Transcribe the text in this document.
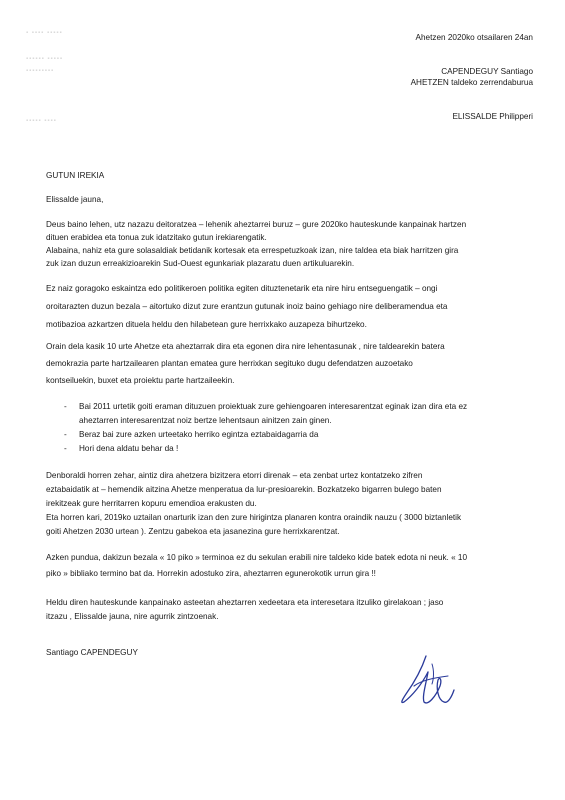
▪ ▪▪▪▪ ▪▪▪▪▪
▪▪▪▪▪▪ ▪▪▪▪▪
▪▪▪▪▪▪▪▪▪
▪▪▪▪▪ ▪▪▪▪
Ahetzen 2020ko otsailaren 24an
CAPENDEGUY Santiago
AHETZEN taldeko zerrendaburua
ELISSALDE Philipperi
GUTUN IREKIA
Elissalde jauna,
Deus baino lehen, utz nazazu deitoratzea – lehenik aheztarrei buruz – gure 2020ko hauteskunde kanpainak hartzen
dituen erabidea eta tonua zuk idatzitako gutun irekiarengatik.
Alabaina, nahiz eta gure solasaldiak betidanik kortesak eta errespetuzkoak izan, nire taldea eta biak harritzen gira
zuk izan duzun erreakizioarekin Sud-Ouest egunkariak plazaratu duen artikuluarekin.
Ez naiz goragoko eskaintza edo politikeroen politika egiten dituztenetarik eta nire hiru entseguengatik – ongi
oroitarazten duzun bezala – aitortuko dizut zure erantzun gutunak inoiz baino gehiago nire deliberamendua eta
motibazioa azkartzen dituela heldu den hilabetean gure herrixkako auzapeza bihurtzeko.
Orain dela kasik 10 urte Ahetze eta aheztarrak dira eta egonen dira nire lehentasunak , nire taldearekin batera
demokrazia parte hartzailearen plantan ematea gure herrixkan segituko dugu defendatzen auzoetako
kontseiluekin, buxet eta proiektu parte hartzaileekin.
- Bai 2011 urtetik goiti eraman dituzuen proiektuak zure gehiengoaren interesarentzat eginak izan dira eta ez
aheztarren interesarentzat noiz bertze lehentsaun ainitzen zain ginen.
- Beraz bai zure azken urteetako herriko egintza eztabaidagarria da
- Hori dena aldatu behar da !
Denboraldi horren zehar, aintiz dira ahetzera bizitzera etorri direnak – eta zenbat urtez kontatzeko zifren
eztabaidatik at – hemendik aitzina Ahetze menperatua da lur-presioarekin. Bozkatzeko bigarren bulego baten
irekitzeak gure herritarren kopuru emendioa erakusten du.
Eta horren kari, 2019ko uztailan onarturik izan den zure hirigintza planaren kontra oraindik nauzu ( 3000 biztanletik
goiti Ahetzen 2030 urtean ). Zentzu gabekoa eta jasanezina gure herrixkarentzat.
Azken pundua, dakizun bezala « 10 piko » terminoa ez du sekulan erabili nire taldeko kide batek edota ni neuk. « 10
piko » bibliako termino bat da. Horrekin adostuko zira, aheztarren egunerokotik urrun gira !!
Heldu diren hauteskunde kanpainako asteetan aheztarren xedeetara eta interesetara itzuliko girelakoan ; jaso
itzazu , Elissalde jauna, nire agurrik zintzoenak.
Santiago CAPENDEGUY
